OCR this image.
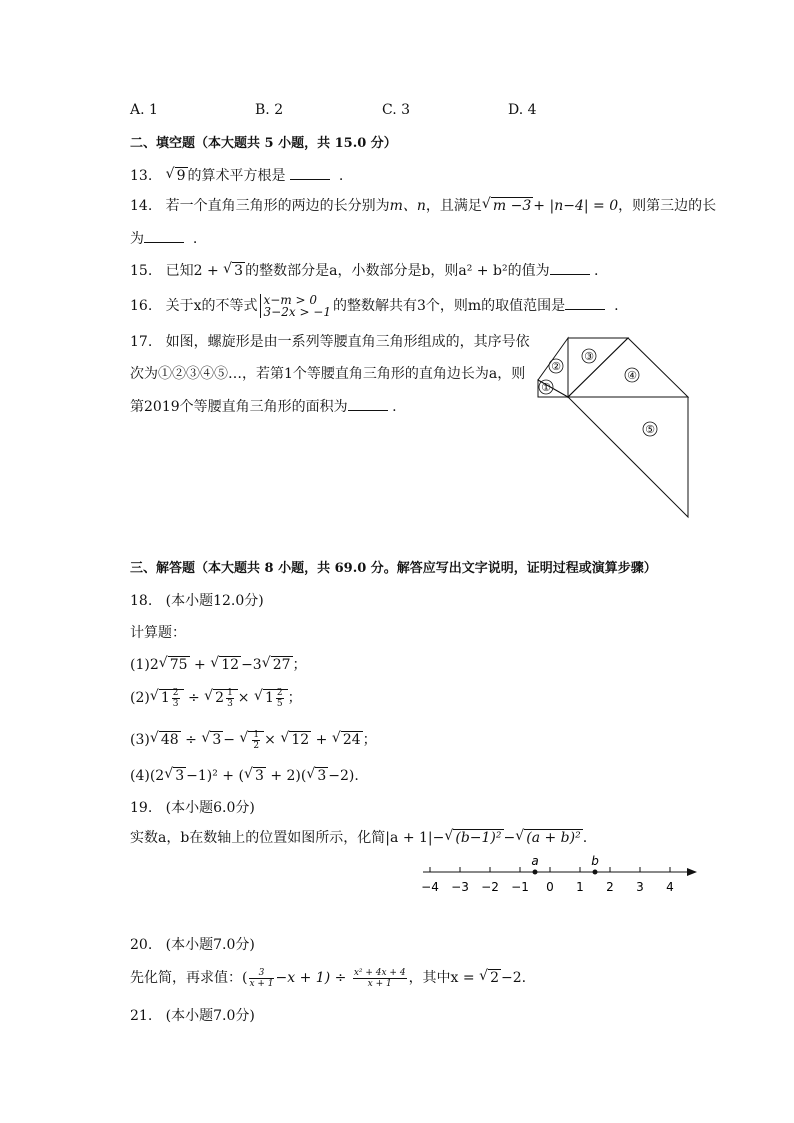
A. 1	B. 2	C. 3	D. 4
二、填空题（本大题共 5 小题，共 15.0 分）
13. √ 9 的算术平方根是	.
14. 若一个直角三角形的两边的长分别为m、n，且满足 √ m −3 + |n−4| = 0，则第三边的长
为	.
15. 已知2 + √ 3 的整数部分是a，小数部分是b，则a² + b²的值为	.
16. 关于x的不等式 x−m > 0
3−2x > −1 的整数解共有3个，则m的取值范围是	.
17. 如图，螺旋形是由一系列等腰直角三角形组成的，其序号依
次为①②③④⑤…，若第1个等腰直角三角形的直角边长为a，则
第2019个等腰直角三角形的面积为	.
①
②
③
④
⑤
三、解答题（本大题共 8 小题，共 69.0 分。解答应写出文字说明，证明过程或演算步骤）
18. (本小题12.0分)
计算题：
(1)2 √ 75 + √ 12 −3 √ 27 ；
(2) √ $1 \frac{2}{3}$ ÷ √ $2 \frac{1}{3}$ × √ $1 \frac{2}{5}$ ；
(3) √ 48 ÷ √ 3 − √ $\frac{1}{2}$ × √ 12 + √ 24 ；
(4)(2 √ 3 −1)² + ( √ 3 + 2)( √ 3 −2).
19. (本小题6.0分)
实数a，b在数轴上的位置如图所示，化简|a + 1|− √ (b−1)² − √ (a + b)² .
−4 −3 −2 −1 0 1 2 3 4
a	b
20. (本小题7.0分)
先化简，再求值：( $\frac{3}{x + 1} -x + 1) \div \frac{\text{x² + 4x + 4}}{x + 1}$ ，其中x = √ 2 −2.
21. (本小题7.0分)
